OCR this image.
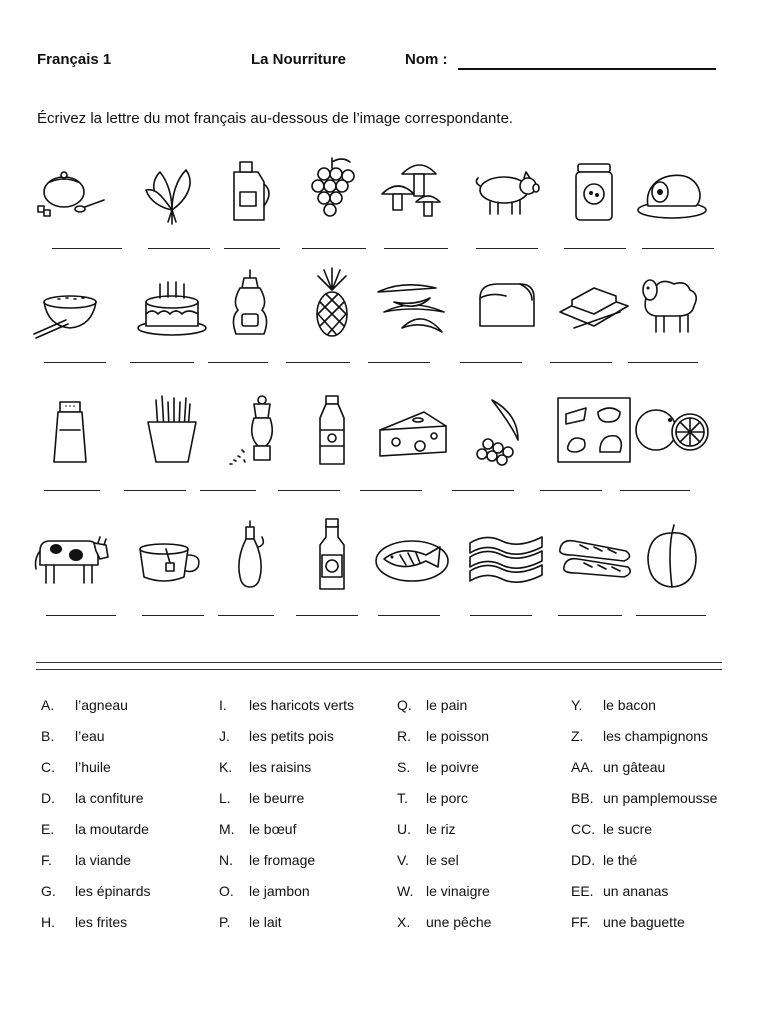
Français 1	La Nourriture	Nom :
Écrivez la lettre du mot français au-dessous de l’image correspondante.
A. l’agneau
B. l’eau
C. l’huile
D. la confiture
E. la moutarde
F. la viande
G. les épinards
H. les frites
I. les haricots verts
J. les petits pois
K. les raisins
L. le beurre
M. le bœuf
N. le fromage
O. le jambon
P. le lait
Q. le pain
R. le poisson
S. le poivre
T. le porc
U. le riz
V. le sel
W. le vinaigre
X. une pêche
Y. le bacon
Z. les champignons
AA. un gâteau
BB. un pamplemousse
CC. le sucre
DD. le thé
EE. un ananas
FF. une baguette
